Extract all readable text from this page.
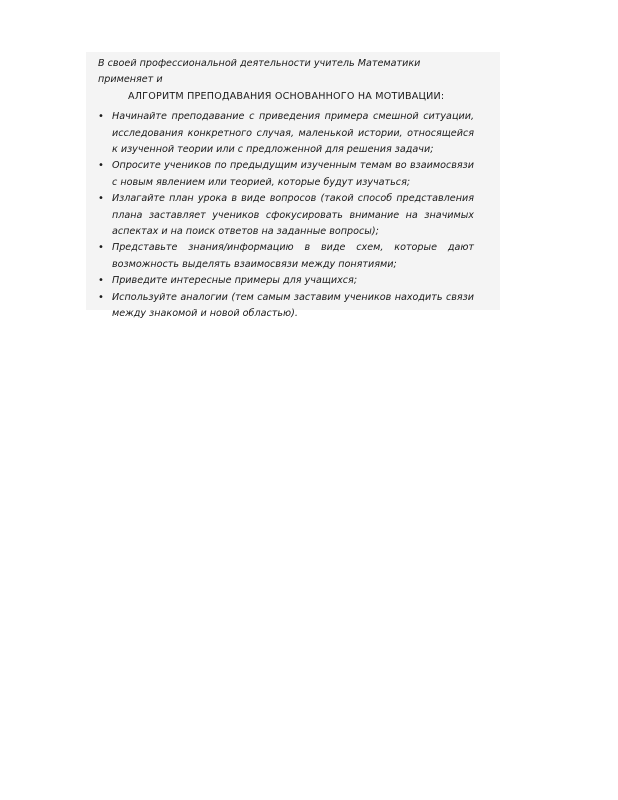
В своей профессиональной деятельности учитель Математики применяет и

АЛГОРИТМ ПРЕПОДАВАНИЯ ОСНОВАННОГО НА МОТИВАЦИИ:

• Начинайте преподавание с приведения примера смешной ситуации, исследования конкретного случая, маленькой истории, относящейся к изученной теории или с предложенной для решения задачи;
• Опросите учеников по предыдущим изученным темам во взаимосвязи с новым явлением или теорией, которые будут изучаться;
• Излагайте план урока в виде вопросов (такой способ представления плана заставляет учеников сфокусировать внимание на значимых аспектах и на поиск ответов на заданные вопросы);
• Представьте знания/информацию в виде схем, которые дают возможность выделять взаимосвязи между понятиями;
• Приведите интересные примеры для учащихся;
• Используйте аналогии (тем самым заставим учеников находить связи между знакомой и новой областью).
